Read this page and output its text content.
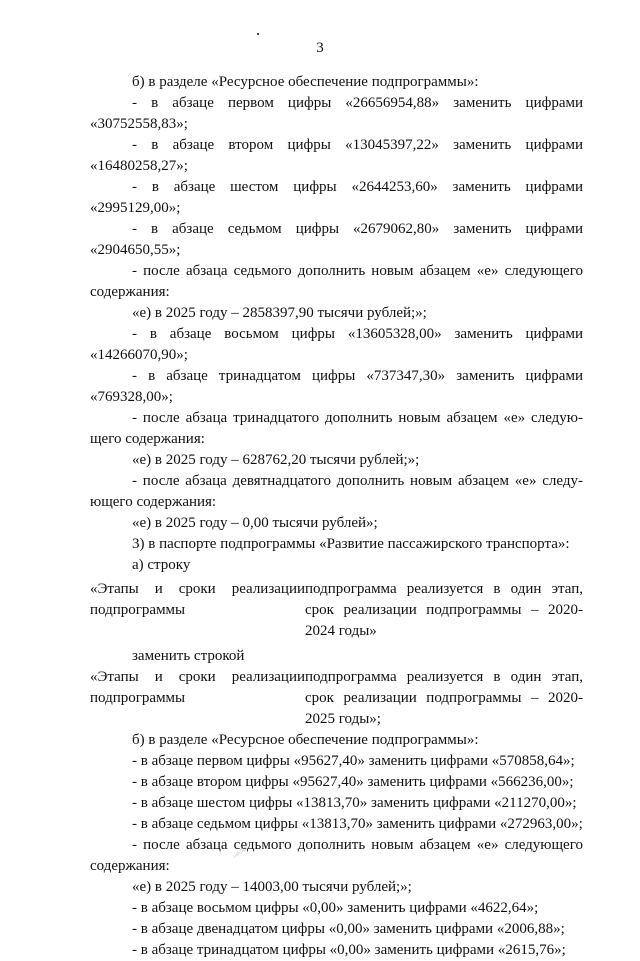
3

б) в разделе «Ресурсное обеспечение подпрограммы»:

- в абзаце первом цифры «26656954,88» заменить цифрами «30752558,83»;

- в абзаце втором цифры «13045397,22» заменить цифрами «16480258,27»;

- в абзаце шестом цифры «2644253,60» заменить цифрами «2995129,00»;

- в абзаце седьмом цифры «2679062,80» заменить цифрами «2904650,55»;

- после абзаца седьмого дополнить новым абзацем «е» следующего содержания:

«е) в 2025 году – 2858397,90 тысячи рублей;»;

- в абзаце восьмом цифры «13605328,00» заменить цифрами «14266070,90»;

- в абзаце тринадцатом цифры «737347,30» заменить цифрами «769328,00»;

- после абзаца тринадцатого дополнить новым абзацем «е» следую-щего содержания:

«е) в 2025 году – 628762,20 тысячи рублей;»;

- после абзаца девятнадцатого дополнить новым абзацем «е» следу-ющего содержания:

«е) в 2025 году – 0,00 тысячи рублей»;

3) в паспорте подпрограммы «Развитие пассажирского транспорта»:

а) строку

«Этапы и сроки реализации подпрограммы
подпрограмма реализуется в один этап, срок реализации подпрограммы – 2020-2024 годы»

заменить строкой

«Этапы и сроки реализации подпрограммы
подпрограмма реализуется в один этап, срок реализации подпрограммы – 2020-2025 годы»;

б) в разделе «Ресурсное обеспечение подпрограммы»:

- в абзаце первом цифры «95627,40» заменить цифрами «570858,64»;

- в абзаце втором цифры «95627,40» заменить цифрами «566236,00»;

- в абзаце шестом цифры «13813,70» заменить цифрами «211270,00»;

- в абзаце седьмом цифры «13813,70» заменить цифрами «272963,00»;

- после абзаца седьмого дополнить новым абзацем «е» следующего содержания:

«е) в 2025 году – 14003,00 тысячи рублей;»;

- в абзаце восьмом цифры «0,00» заменить цифрами «4622,64»;

- в абзаце двенадцатом цифры «0,00» заменить цифрами «2006,88»;

- в абзаце тринадцатом цифры «0,00» заменить цифрами «2615,76»;
